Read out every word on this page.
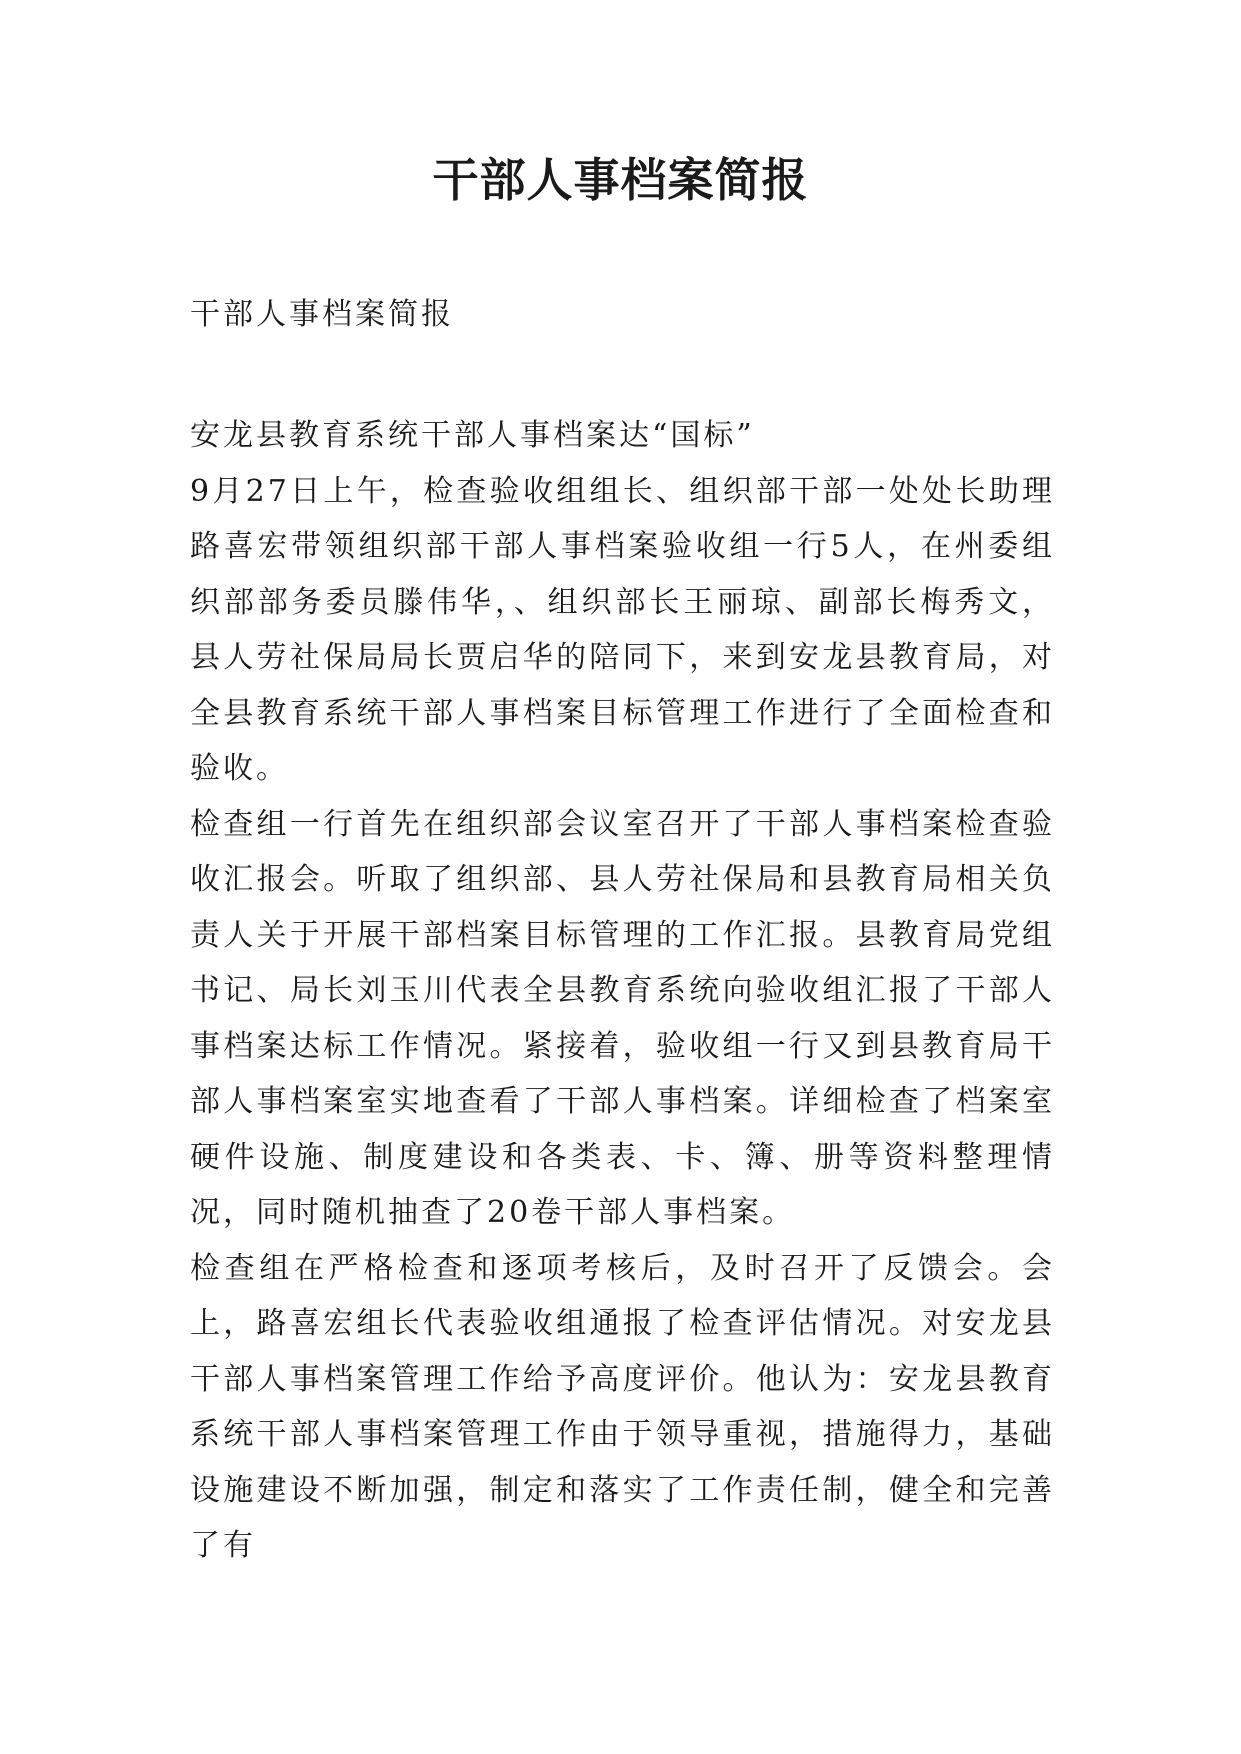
干部人事档案简报
干部人事档案简报

安龙县教育系统干部人事档案达“国标”

9月27日上午，检查验收组组长、组织部干部一处处长助理路喜宏带领组织部干部人事档案验收组一行5人，在州委组织部部务委员滕伟华，、组织部长王丽琼、副部长梅秀文，县人劳社保局局长贾启华的陪同下，来到安龙县教育局，对全县教育系统干部人事档案目标管理工作进行了全面检查和验收。

检查组一行首先在组织部会议室召开了干部人事档案检查验收汇报会。听取了组织部、县人劳社保局和县教育局相关负责人关于开展干部档案目标管理的工作汇报。县教育局党组书记、局长刘玉川代表全县教育系统向验收组汇报了干部人事档案达标工作情况。紧接着，验收组一行又到县教育局干部人事档案室实地查看了干部人事档案。详细检查了档案室硬件设施、制度建设和各类表、卡、簿、册等资料整理情况，同时随机抽查了20卷干部人事档案。

检查组在严格检查和逐项考核后，及时召开了反馈会。会上，路喜宏组长代表验收组通报了检查评估情况。对安龙县干部人事档案管理工作给予高度评价。他认为：安龙县教育系统干部人事档案管理工作由于领导重视，措施得力，基础设施建设不断加强，制定和落实了工作责任制，健全和完善了有
